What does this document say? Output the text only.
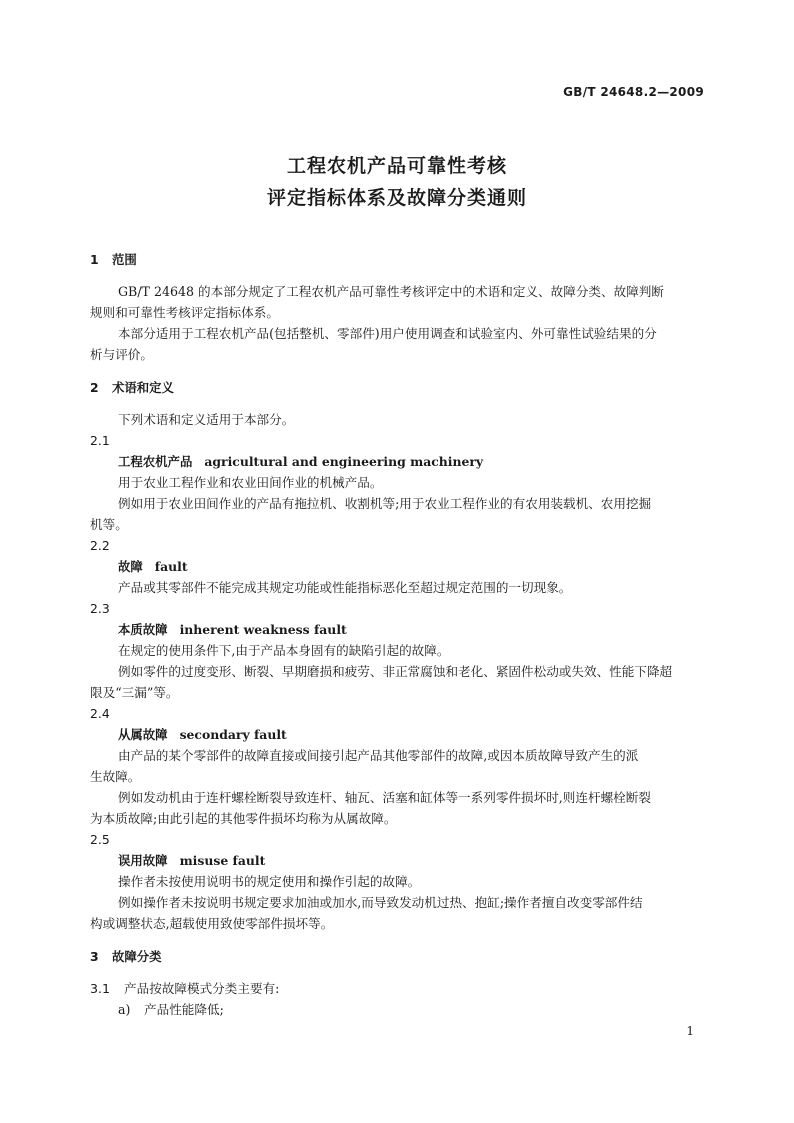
GB/T 24648.2—2009
工程农机产品可靠性考核
评定指标体系及故障分类通则

1 范围

GB/T 24648 的本部分规定了工程农机产品可靠性考核评定中的术语和定义、故障分类、故障判断

规则和可靠性考核评定指标体系。

本部分适用于工程农机产品(包括整机、零部件)用户使用调查和试验室内、外可靠性试验结果的分

析与评价。

2 术语和定义

下列术语和定义适用于本部分。

2.1

工程农机产品 agricultural and engineering machinery

用于农业工程作业和农业田间作业的机械产品。

例如用于农业田间作业的产品有拖拉机、收割机等;用于农业工程作业的有农用装载机、农用挖掘

机等。

2.2

故障 fault

产品或其零部件不能完成其规定功能或性能指标恶化至超过规定范围的一切现象。

2.3

本质故障 inherent weakness fault

在规定的使用条件下,由于产品本身固有的缺陷引起的故障。

例如零件的过度变形、断裂、早期磨损和疲劳、非正常腐蚀和老化、紧固件松动或失效、性能下降超

限及“三漏”等。

2.4

从属故障 secondary fault

由产品的某个零部件的故障直接或间接引起产品其他零部件的故障,或因本质故障导致产生的派

生故障。

例如发动机由于连杆螺栓断裂导致连杆、轴瓦、活塞和缸体等一系列零件损坏时,则连杆螺栓断裂

为本质故障;由此引起的其他零件损坏均称为从属故障。

2.5

误用故障 misuse fault

操作者未按使用说明书的规定使用和操作引起的故障。

例如操作者未按说明书规定要求加油或加水,而导致发动机过热、抱缸;操作者擅自改变零部件结

构或调整状态,超载使用致使零部件损坏等。

3 故障分类

3.1 产品按故障模式分类主要有:

a) 产品性能降低;

1
